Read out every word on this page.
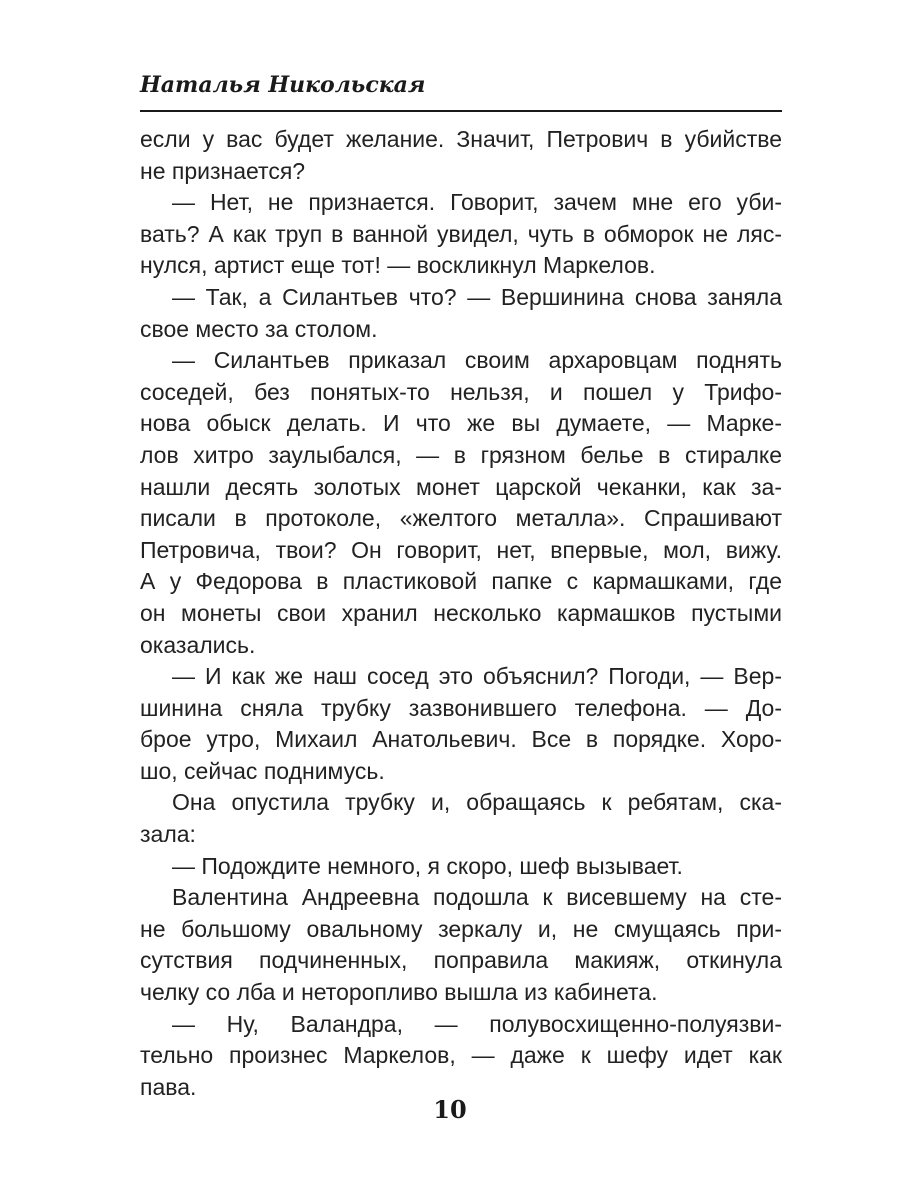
Наталья Никольская
если у вас будет желание. Значит, Петрович в убийстве
не признается?
— Нет, не признается. Говорит, зачем мне его уби-
вать? А как труп в ванной увидел, чуть в обморок не ляс-
нулся, артист еще тот! — воскликнул Маркелов.
— Так, а Силантьев что? — Вершинина снова заняла
свое место за столом.
— Силантьев приказал своим архаровцам поднять
соседей, без понятых-то нельзя, и пошел у Трифо-
нова обыск делать. И что же вы думаете, — Маркe-
лов хитро заулыбался, — в грязном белье в стиралке
нашли десять золотых монет царской чеканки, как за-
писали в протоколе, «желтого металла». Спрашивают
Петровича, твои? Он говорит, нет, впервые, мол, вижу.
А у Федорова в пластиковой папке с кармашками, где
он монеты свои хранил несколько кармашков пустыми
оказались.
— И как же наш сосед это объяснил? Погоди, — Вер-
шинина сняла трубку зазвонившего телефона. — До-
брое утро, Михаил Анатольевич. Все в порядке. Хоро-
шо, сейчас поднимусь.
Она опустила трубку и, обращаясь к ребятам, ска-
зала:
— Подождите немного, я скоро, шеф вызывает.
Валентина Андреевна подошла к висевшему на сте-
не большому овальному зеркалу и, не смущаясь при-
сутствия подчиненных, поправила макияж, откинула
челку со лба и неторопливо вышла из кабинета.
— Ну, Валандра, — полувосхищенно-полуязви-
тельно произнес Маркелов, — даже к шефу идет как
пава.
10
